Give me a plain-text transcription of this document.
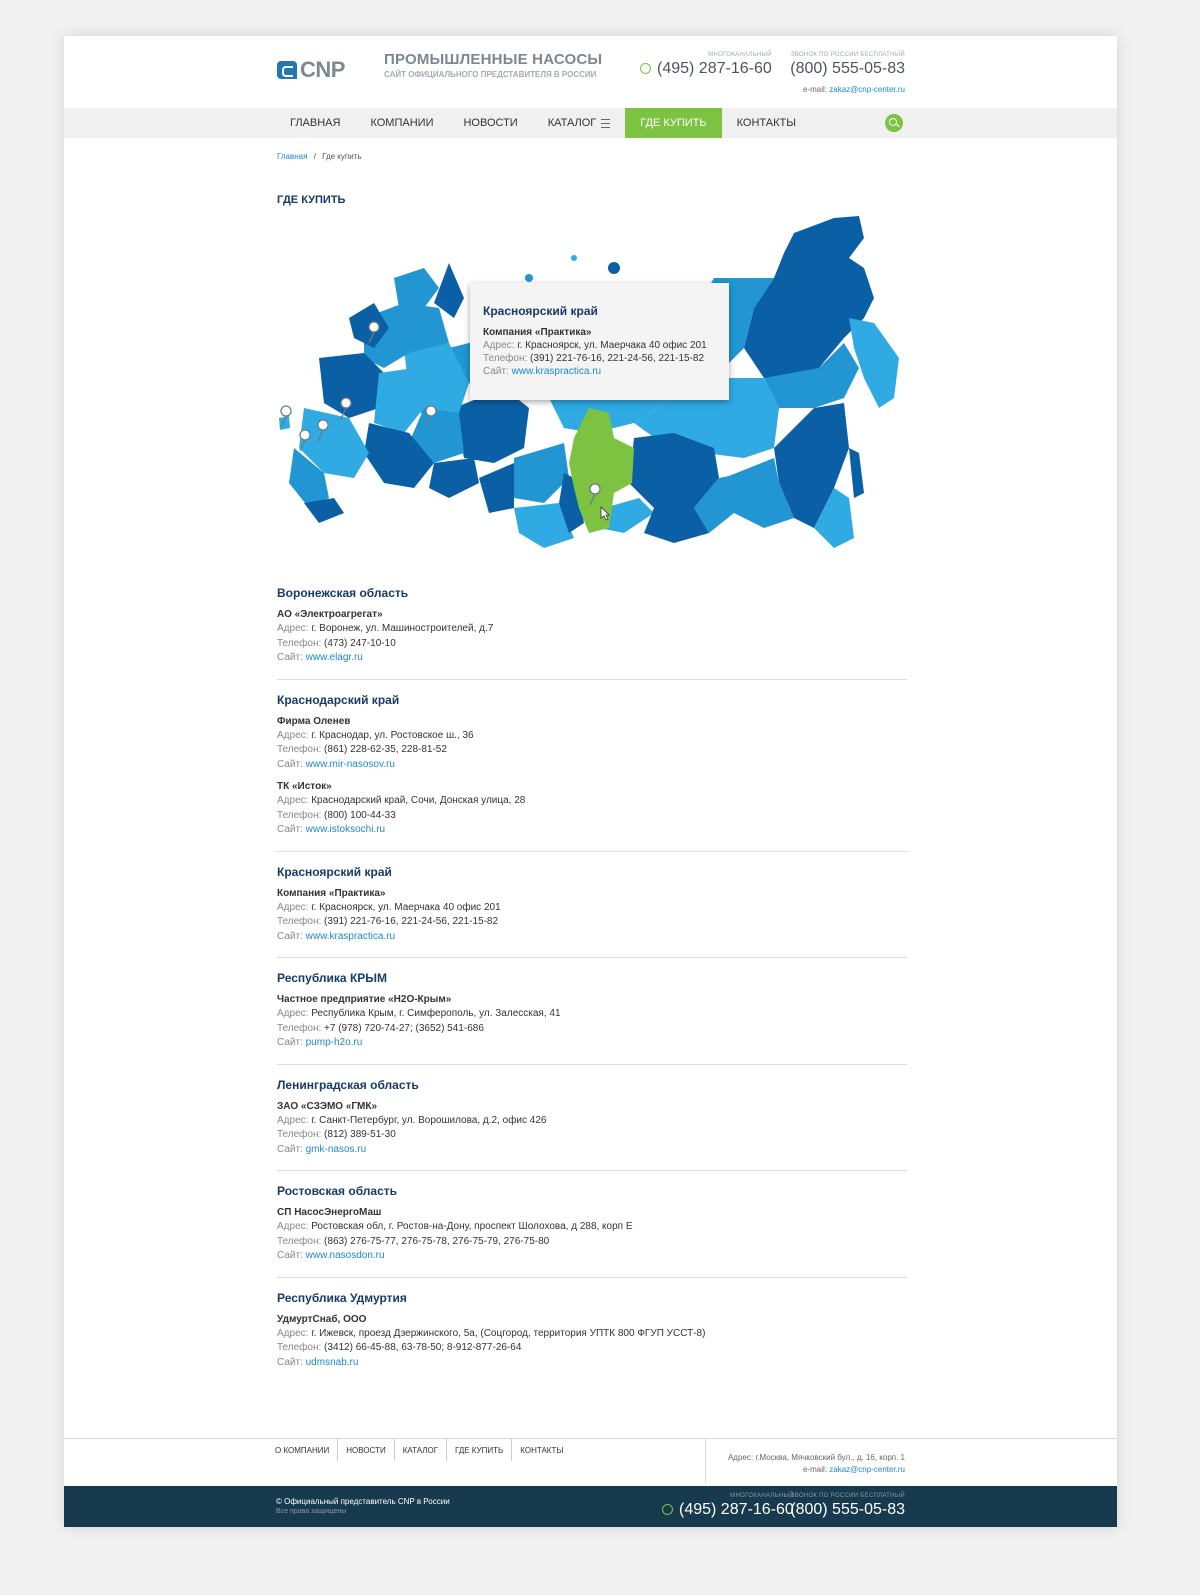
CNP	ПРОМЫШЛЕННЫЕ НАСОСЫ
САЙТ ОФИЦИАЛЬНОГО ПРЕДСТАВИТЕЛЯ В РОССИИ
МНОГОКАНАЛЬНЫЙ
(495) 287-16-60
ЗВОНОК ПО РОССИИ БЕСПЛАТНЫЙ
(800) 555-05-83
e-mail: zakaz@cnp-center.ru
ГЛАВНАЯ	КОМПАНИИ	НОВОСТИ	КАТАЛОГ	ГДЕ КУПИТЬ	КОНТАКТЫ
Главная / Где купить
ГДЕ КУПИТЬ
Красноярский край
Компания «Практика»
Адрес: г. Красноярск, ул. Маерчака 40 офис 201
Телефон: (391) 221-76-16, 221-24-56, 221-15-82
Сайт: www.kraspractica.ru
Воронежская область
АО «Электроагрегат»
Адрес: г. Воронеж, ул. Машиностроителей, д.7
Телефон: (473) 247-10-10
Сайт: www.elagr.ru
Краснодарский край
Фирма Оленев
Адрес: г. Краснодар, ул. Ростовское ш., 36
Телефон: (861) 228-62-35, 228-81-52
Сайт: www.mir-nasosov.ru
ТК «Исток»
Адрес: Краснодарский край, Сочи, Донская улица, 28
Телефон: (800) 100-44-33
Сайт: www.istoksochi.ru
Красноярский край
Компания «Практика»
Адрес: г. Красноярск, ул. Маерчака 40 офис 201
Телефон: (391) 221-76-16, 221-24-56, 221-15-82
Сайт: www.kraspractica.ru
Республика КРЫМ
Частное предприятие «Н2О-Крым»
Адрес: Республика Крым, г. Симферополь, ул. Залесская, 41
Телефон: +7 (978) 720-74-27; (3652) 541-686
Сайт: pump-h2o.ru
Ленинградская область
ЗАО «СЗЭМО «ГМК»
Адрес: г. Санкт-Петербург, ул. Ворошилова, д.2, офис 426
Телефон: (812) 389-51-30
Сайт: gmk-nasos.ru
Ростовская область
СП НасосЭнергоМаш
Адрес: Ростовская обл, г. Ростов-на-Дону, проспект Шолохова, д 288, корп Е
Телефон: (863) 276-75-77, 276-75-78, 276-75-79, 276-75-80
Сайт: www.nasosdon.ru
Республика Удмуртия
УдмуртСнаб, ООО
Адрес: г. Ижевск, проезд Дзержинского, 5а, (Соцгород, территория УПТК 800 ФГУП УССТ-8)
Телефон: (3412) 66-45-88, 63-78-50; 8-912-877-26-64
Сайт: udmsnab.ru
О КОМПАНИИ	НОВОСТИ	КАТАЛОГ	ГДЕ КУПИТЬ	КОНТАКТЫ
Адрес: г.Москва, Мячковский бул., д. 16, корп. 1
e-mail: zakaz@cnp-center.ru
© Официальный представитель CNP в России
Все права защищены
МНОГОКАНАЛЬНЫЙ
(495) 287-16-60
ЗВОНОК ПО РОССИИ БЕСПЛАТНЫЙ
(800) 555-05-83
